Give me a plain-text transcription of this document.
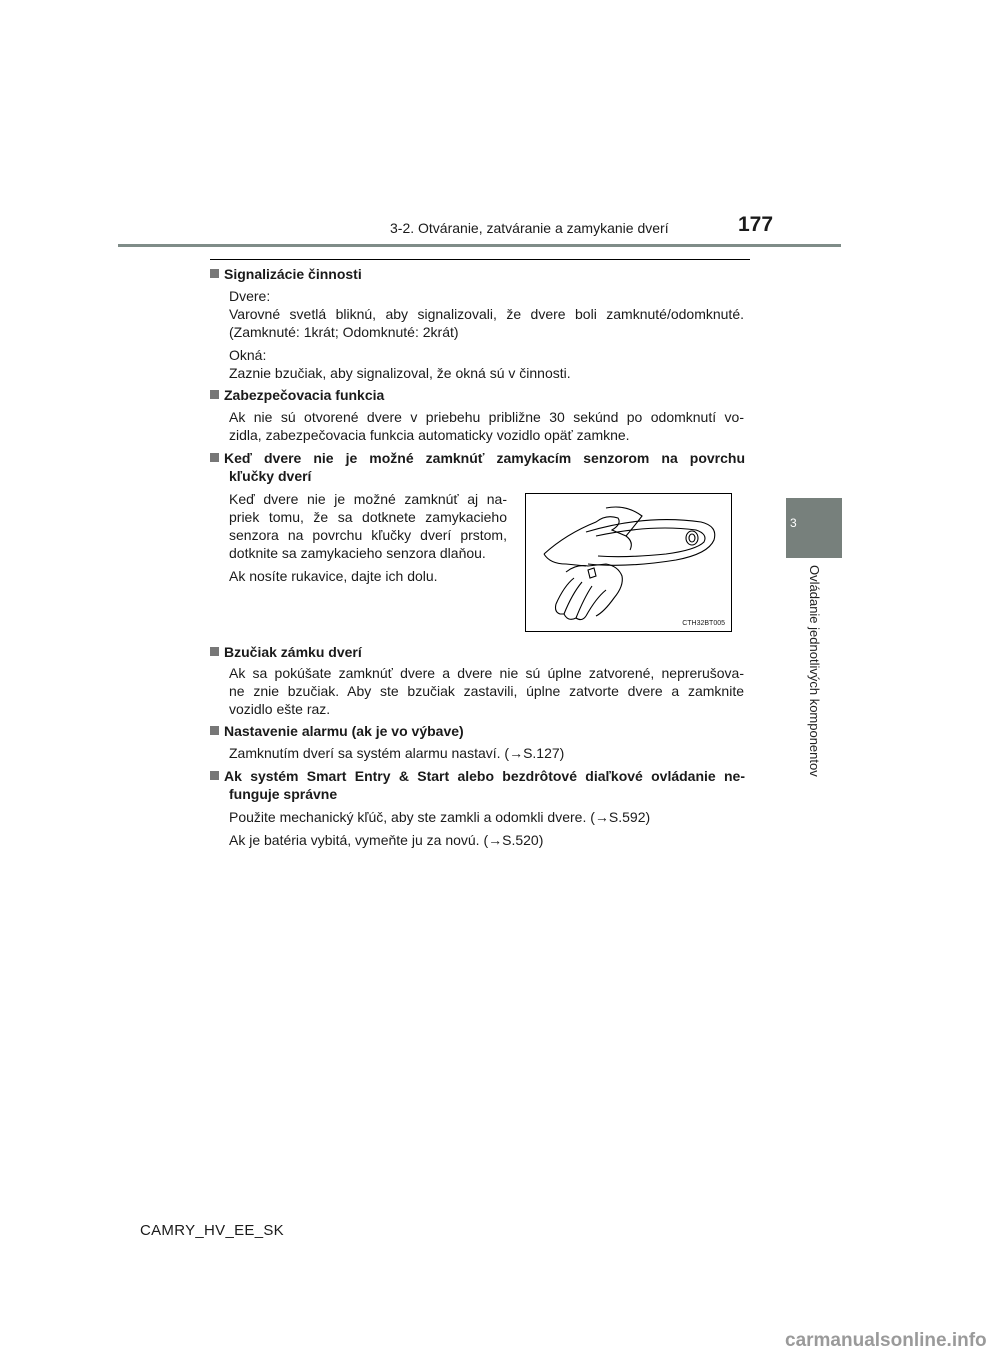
3-2. Otváranie, zatváranie a zamykanie dverí	177
3
Ovládanie jednotlivých komponentov
Signalizácie činnosti
Dvere:
Varovné svetlá bliknú, aby signalizovali, že dvere boli zamknuté/odomknuté.
(Zamknuté: 1krát; Odomknuté: 2krát)
Okná:
Zaznie bzučiak, aby signalizoval, že okná sú v činnosti.
Zabezpečovacia funkcia
Ak nie sú otvorené dvere v priebehu približne 30 sekúnd po odomknutí vo-
zidla, zabezpečovacia funkcia automaticky vozidlo opäť zamkne.
Keď dvere nie je možné zamknúť zamykacím senzorom na povrchu
kľučky dverí
Keď dvere nie je možné zamknúť aj na-
priek tomu, že sa dotknete zamykacieho
senzora na povrchu kľučky dverí prstom,
dotknite sa zamykacieho senzora dlaňou.
Ak nosíte rukavice, dajte ich dolu.
CTH32BT005
Bzučiak zámku dverí
Ak sa pokúšate zamknúť dvere a dvere nie sú úplne zatvorené, neprerušova-
ne znie bzučiak. Aby ste bzučiak zastavili, úplne zatvorte dvere a zamknite
vozidlo ešte raz.
Nastavenie alarmu (ak je vo výbave)
Zamknutím dverí sa systém alarmu nastaví. (→S.127)
Ak systém Smart Entry & Start alebo bezdrôtové diaľkové ovládanie ne-
funguje správne
Použite mechanický kľúč, aby ste zamkli a odomkli dvere. (→S.592)
Ak je batéria vybitá, vymeňte ju za novú. (→S.520)
CAMRY_HV_EE_SK
carmanualsonline.info
